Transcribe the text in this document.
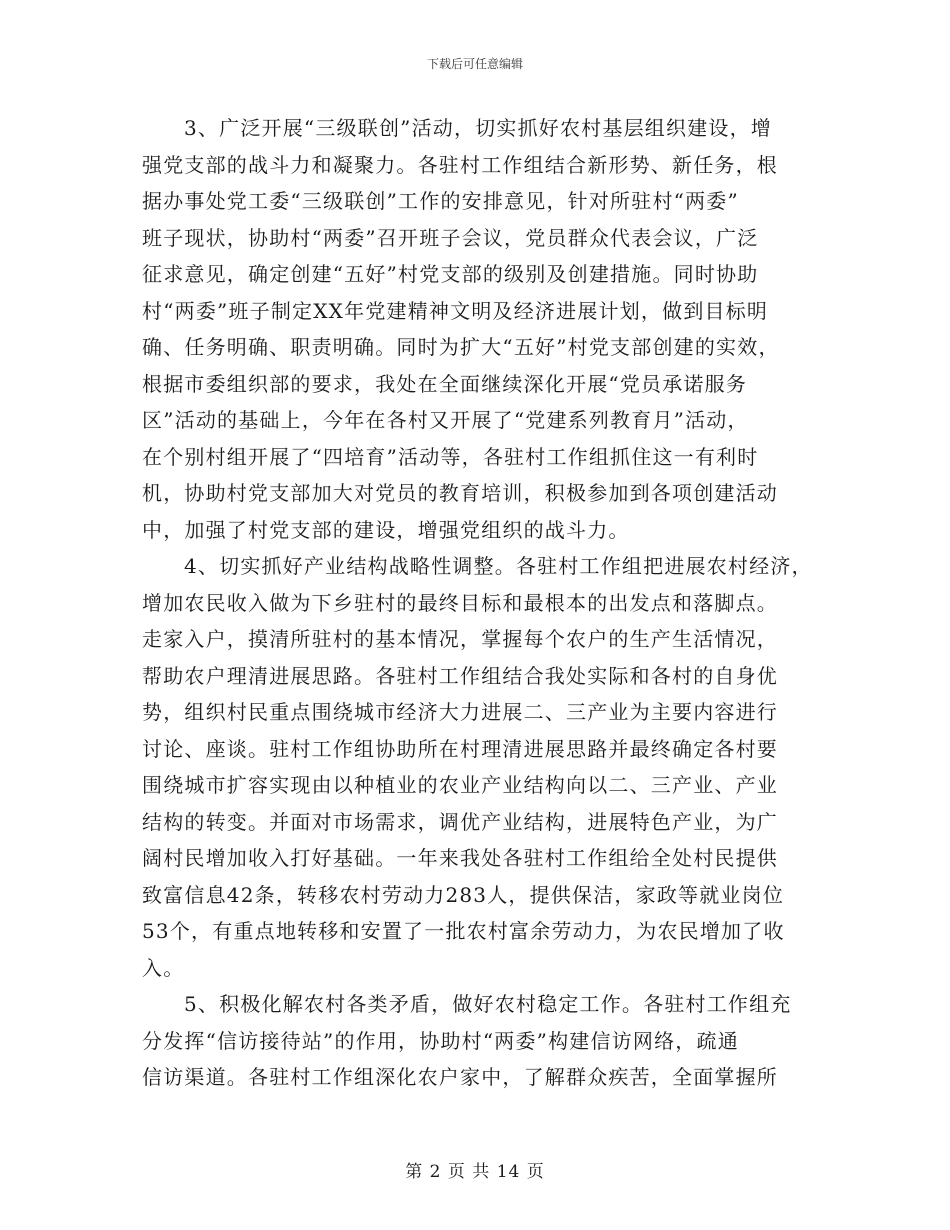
下载后可任意编辑
3、广泛开展“三级联创”活动，切实抓好农村基层组织建设，增
强党支部的战斗力和凝聚力。各驻村工作组结合新形势、新任务，根
据办事处党工委“三级联创”工作的安排意见，针对所驻村“两委”
班子现状，协助村“两委”召开班子会议，党员群众代表会议，广泛
征求意见，确定创建“五好”村党支部的级别及创建措施。同时协助
村“两委”班子制定XX年党建精神文明及经济进展计划，做到目标明
确、任务明确、职责明确。同时为扩大“五好”村党支部创建的实效，
根据市委组织部的要求，我处在全面继续深化开展“党员承诺服务
区”活动的基础上，今年在各村又开展了“党建系列教育月”活动，
在个别村组开展了“四培育”活动等，各驻村工作组抓住这一有利时
机，协助村党支部加大对党员的教育培训，积极参加到各项创建活动
中，加强了村党支部的建设，增强党组织的战斗力。
4、切实抓好产业结构战略性调整。各驻村工作组把进展农村经济，
增加农民收入做为下乡驻村的最终目标和最根本的出发点和落脚点。
走家入户，摸清所驻村的基本情况，掌握每个农户的生产生活情况，
帮助农户理清进展思路。各驻村工作组结合我处实际和各村的自身优
势，组织村民重点围绕城市经济大力进展二、三产业为主要内容进行
讨论、座谈。驻村工作组协助所在村理清进展思路并最终确定各村要
围绕城市扩容实现由以种植业的农业产业结构向以二、三产业、产业
结构的转变。并面对市场需求，调优产业结构，进展特色产业，为广
阔村民增加收入打好基础。一年来我处各驻村工作组给全处村民提供
致富信息42条，转移农村劳动力283人，提供保洁，家政等就业岗位
53个，有重点地转移和安置了一批农村富余劳动力，为农民增加了收
入。
5、积极化解农村各类矛盾，做好农村稳定工作。各驻村工作组充
分发挥“信访接待站”的作用，协助村“两委”构建信访网络，疏通
信访渠道。各驻村工作组深化农户家中，了解群众疾苦，全面掌握所
第 2 页 共 14 页
